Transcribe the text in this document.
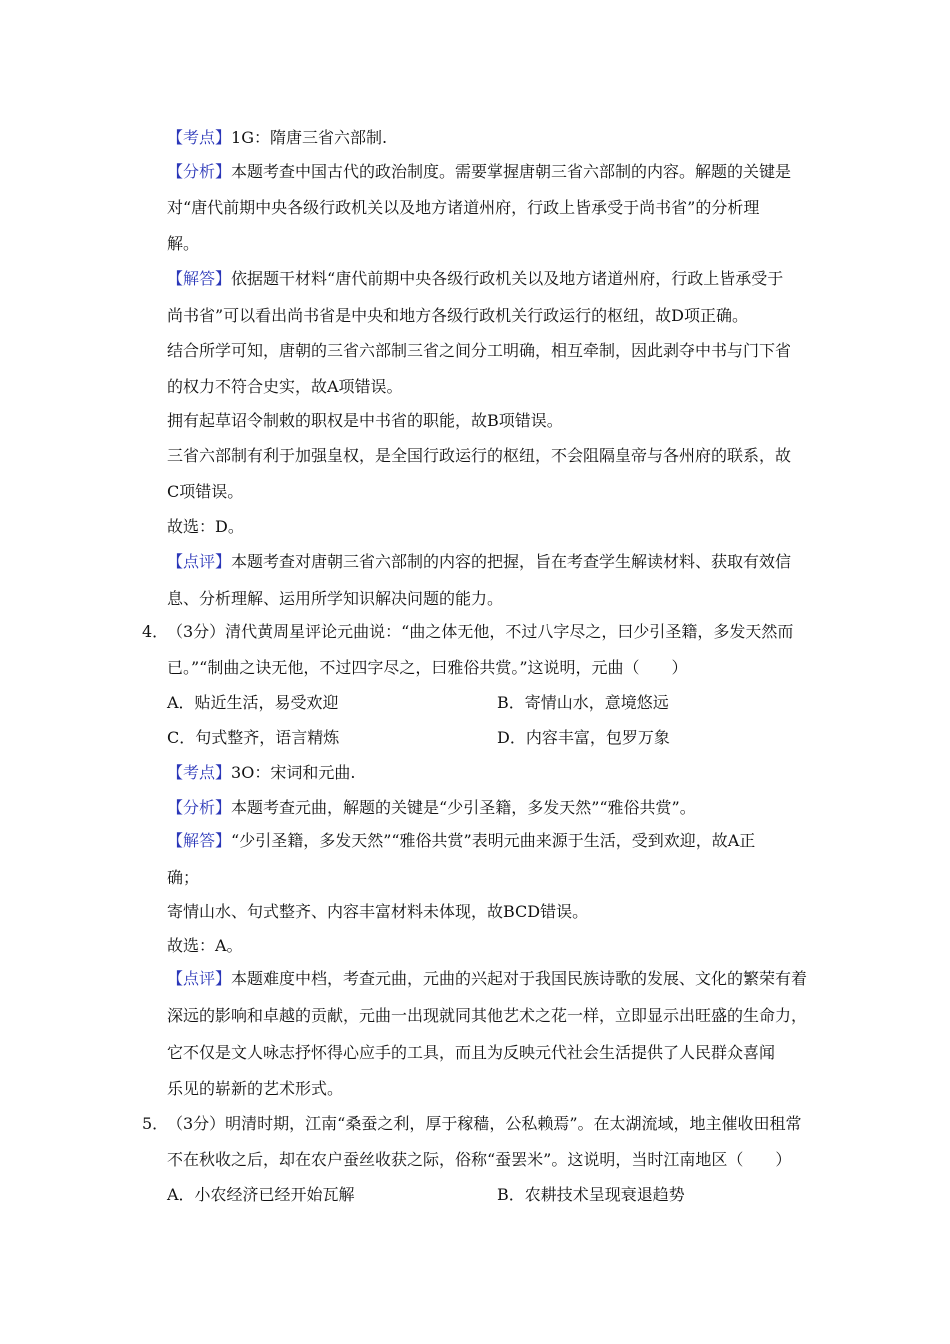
【考点】1G：隋唐三省六部制.
【分析】本题考查中国古代的政治制度。需要掌握唐朝三省六部制的内容。解题的关键是
对“唐代前期中央各级行政机关以及地方诸道州府，行政上皆承受于尚书省”的分析理
解。
【解答】依据题干材料“唐代前期中央各级行政机关以及地方诸道州府，行政上皆承受于
尚书省”可以看出尚书省是中央和地方各级行政机关行政运行的枢纽，故D项正确。
结合所学可知，唐朝的三省六部制三省之间分工明确，相互牵制，因此剥夺中书与门下省
的权力不符合史实，故A项错误。
拥有起草诏令制敕的职权是中书省的职能，故B项错误。
三省六部制有利于加强皇权，是全国行政运行的枢纽，不会阻隔皇帝与各州府的联系，故
C项错误。
故选：D。
【点评】本题考查对唐朝三省六部制的内容的把握，旨在考查学生解读材料、获取有效信
息、分析理解、运用所学知识解决问题的能力。
4．
（3分）清代黄周星评论元曲说：“曲之体无他，不过八字尽之，曰少引圣籍，多发天然而
已。”“制曲之诀无他，不过四字尽之，曰雅俗共赏。”这说明，元曲（　　）
A．贴近生活，易受欢迎	B．寄情山水，意境悠远
C．句式整齐，语言精炼	D．内容丰富，包罗万象
【考点】3O：宋词和元曲.
【分析】本题考查元曲，解题的关键是“少引圣籍，多发天然”“雅俗共赏”。
【解答】“少引圣籍，多发天然”“雅俗共赏”表明元曲来源于生活，受到欢迎，故A正
确；
寄情山水、句式整齐、内容丰富材料未体现，故BCD错误。
故选：A。
【点评】本题难度中档，考查元曲，元曲的兴起对于我国民族诗歌的发展、文化的繁荣有着
深远的影响和卓越的贡献，元曲一出现就同其他艺术之花一样，立即显示出旺盛的生命力，
它不仅是文人咏志抒怀得心应手的工具，而且为反映元代社会生活提供了人民群众喜闻
乐见的崭新的艺术形式。
5．
（3分）明清时期，江南“桑蚕之利，厚于稼穑，公私赖焉”。在太湖流域，地主催收田租常
不在秋收之后，却在农户蚕丝收获之际，俗称“蚕罢米”。这说明，当时江南地区（　　）
A．小农经济已经开始瓦解	B．农耕技术呈现衰退趋势
